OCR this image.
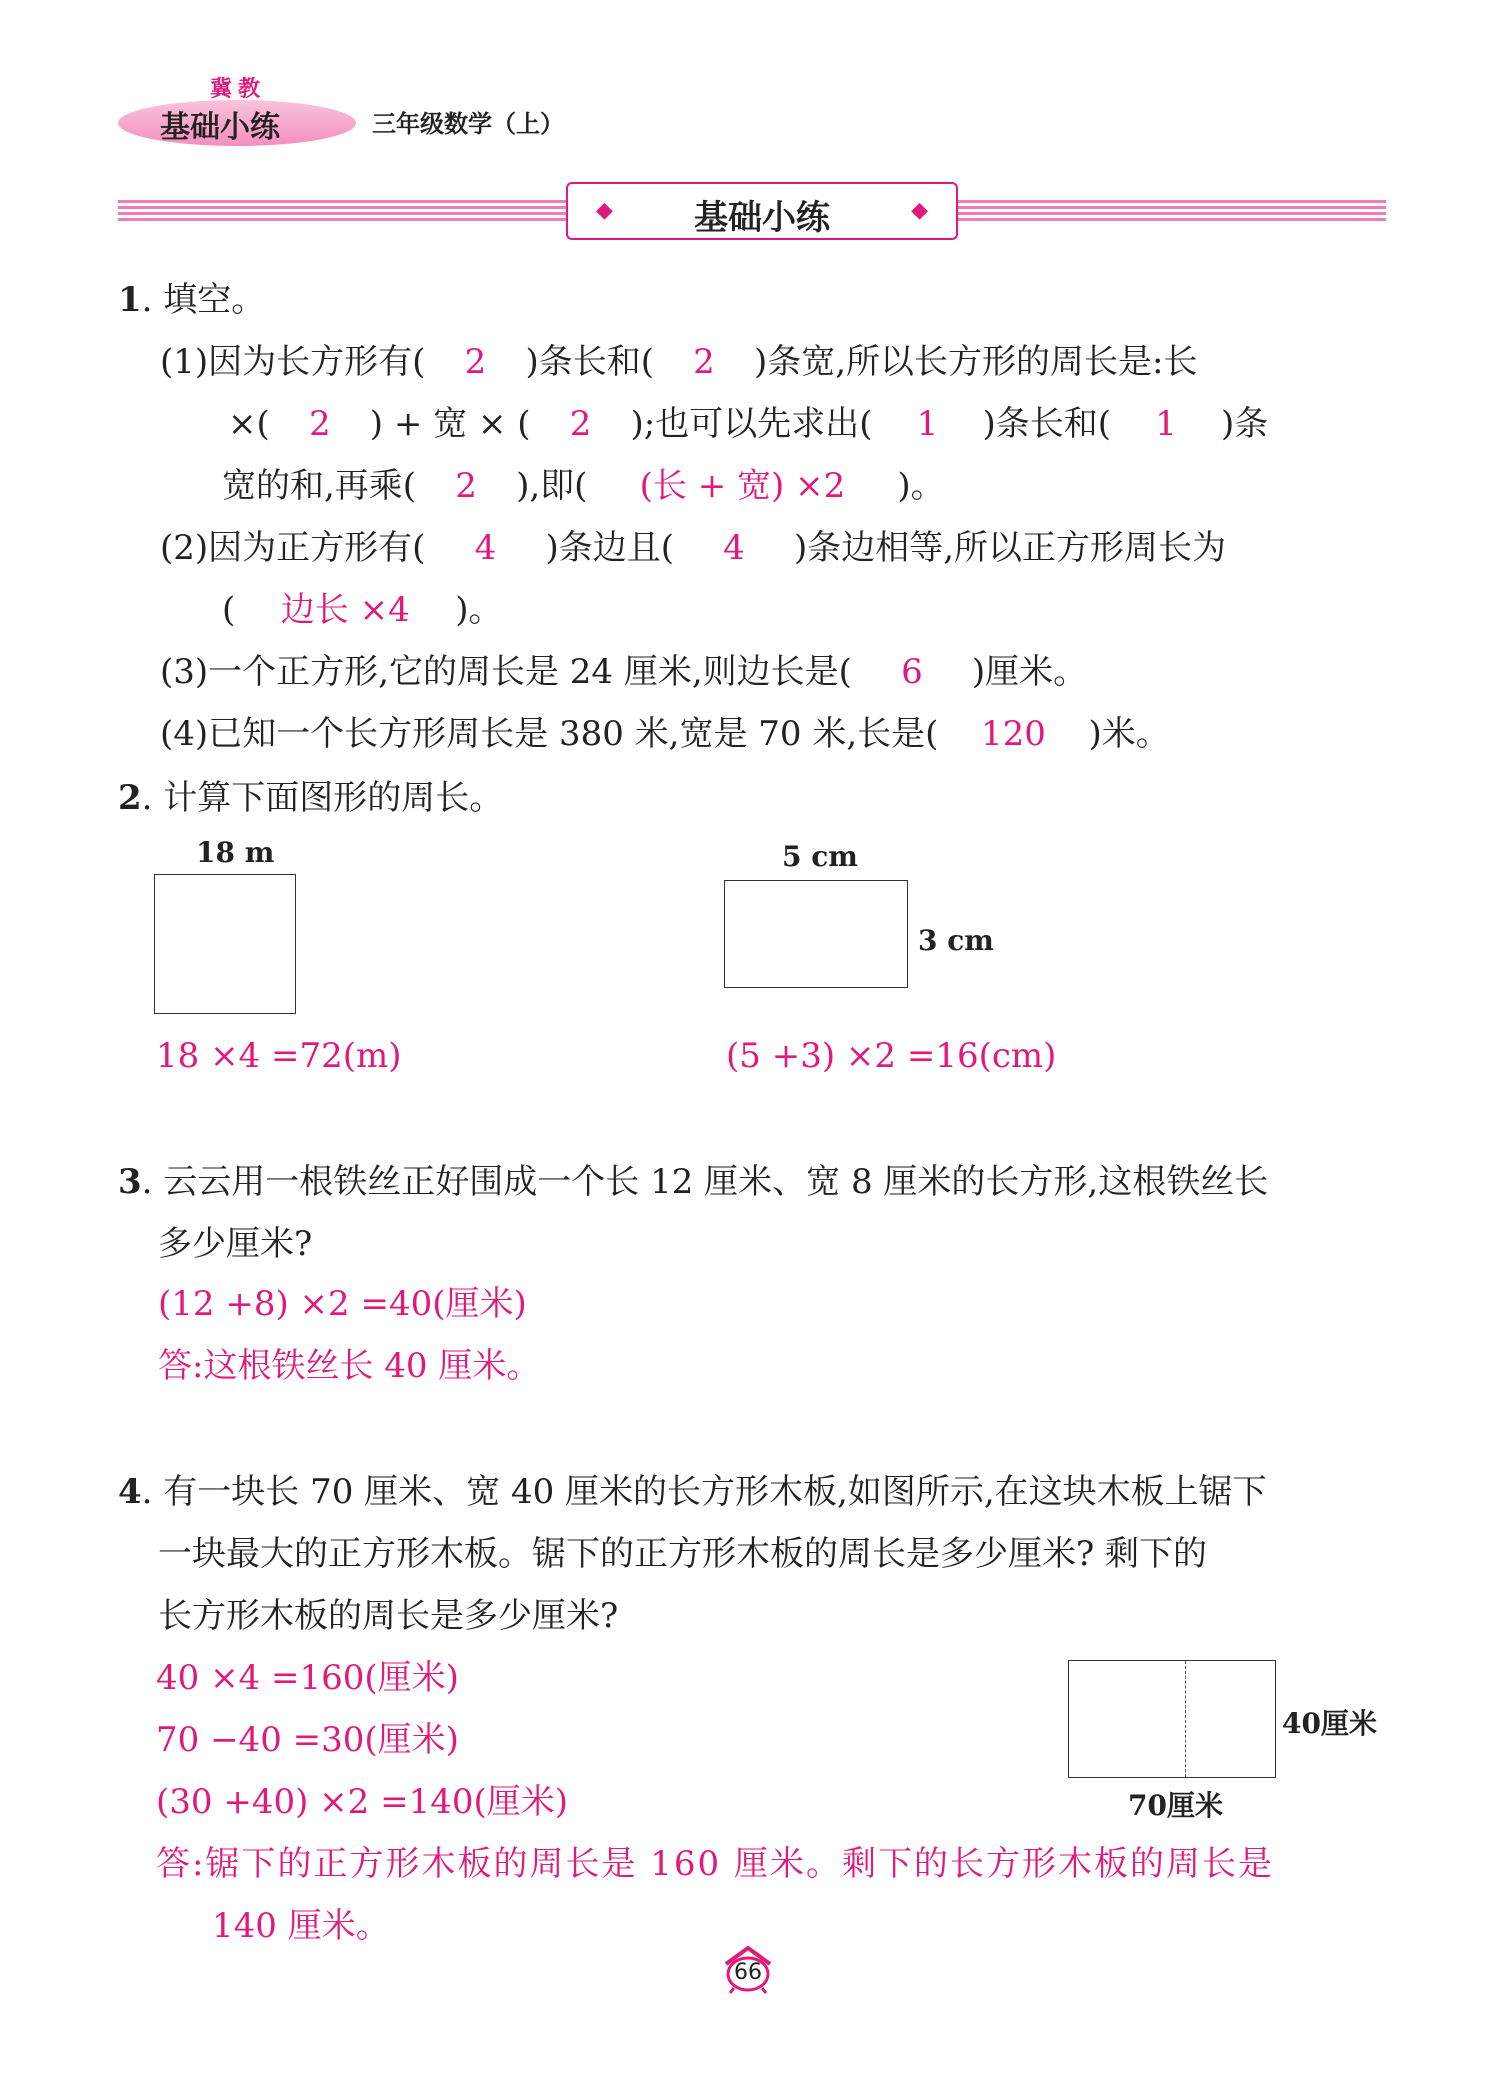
冀教
基础小练	三年级数学（上）
◆	基础小练	◆
1. 填空。
(1)因为长方形有( 2 )条长和( 2 )条宽,所以长方形的周长是:长
×( 2 ) + 宽 × ( 2 );也可以先求出( 1 )条长和( 1 )条
宽的和,再乘( 2 ),即( (长 + 宽) ×2 )。
(2)因为正方形有( 4 )条边且( 4 )条边相等,所以正方形周长为
( 边长 ×4 )。
(3)一个正方形,它的周长是 24 厘米,则边长是( 6 )厘米。
(4)已知一个长方形周长是 380 米,宽是 70 米,长是( 120 )米。
2. 计算下面图形的周长。
18 m
18 ×4 =72(m)
5 cm
3 cm
(5 +3) ×2 =16(cm)
3. 云云用一根铁丝正好围成一个长 12 厘米、宽 8 厘米的长方形,这根铁丝长
多少厘米?
(12 +8) ×2 =40(厘米)
答:这根铁丝长 40 厘米。
4. 有一块长 70 厘米、宽 40 厘米的长方形木板,如图所示,在这块木板上锯下
一块最大的正方形木板。锯下的正方形木板的周长是多少厘米? 剩下的
长方形木板的周长是多少厘米?
40 ×4 =160(厘米)
70 −40 =30(厘米)
(30 +40) ×2 =140(厘米)
答:锯下的正方形木板的周长是 160 厘米。剩下的长方形木板的周长是
140 厘米。
40厘米
70厘米
66
